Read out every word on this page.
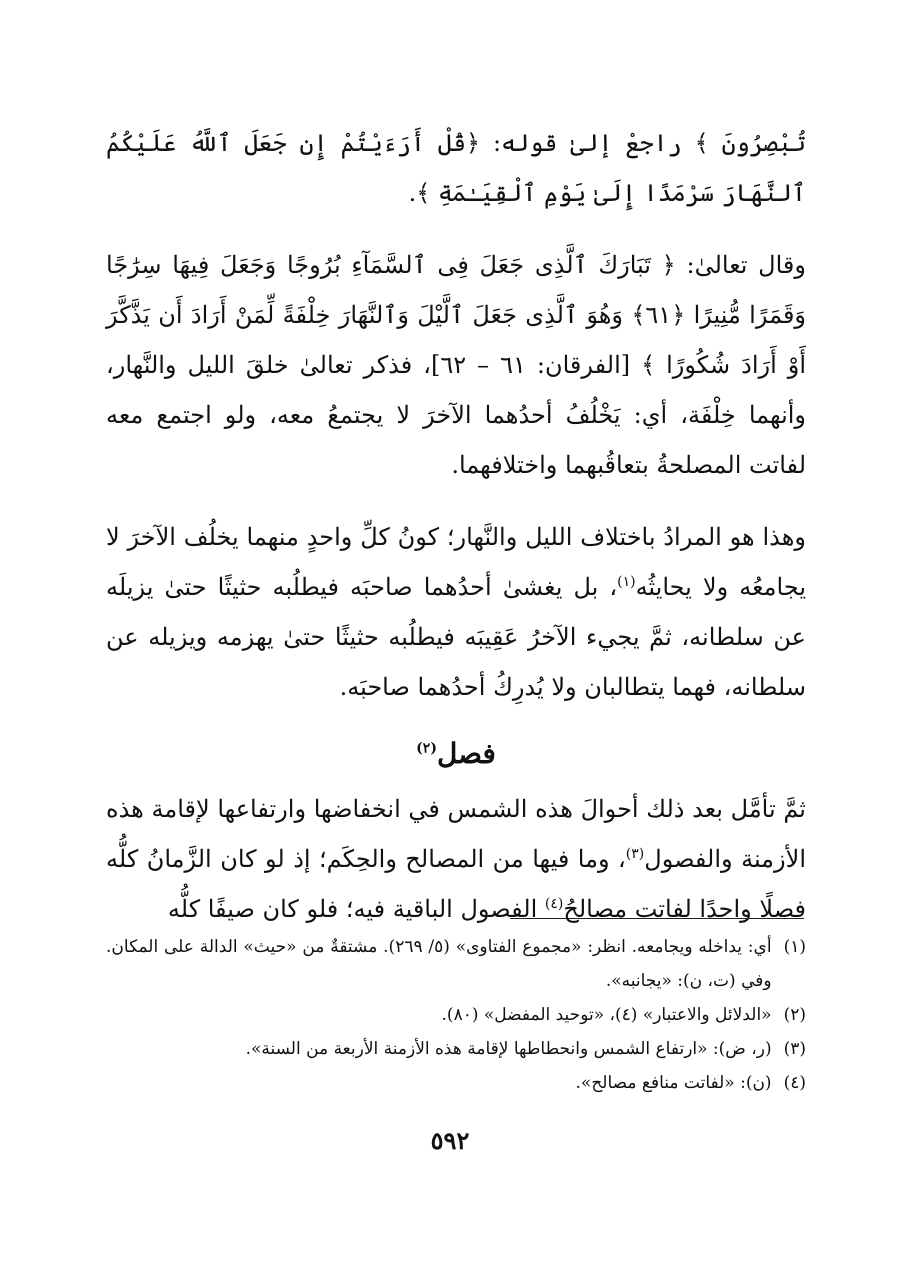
تُبْصِرُونَ ﴾ راجعْ إلىٰ قوله: ﴿قُلْ أَرَءَيْتُمْ إِن جَعَلَ ٱللَّهُ عَلَيْكُمُ ٱلنَّهَارَ سَرْمَدًا إِلَىٰ يَوْمِ ٱلْقِيَـٰمَةِ ﴾.

وقال تعالىٰ: ﴿ تَبَارَكَ ٱلَّذِى جَعَلَ فِى ٱلسَّمَآءِ بُرُوجًا وَجَعَلَ فِيهَا سِرَٰجًا وَقَمَرًا مُّنِيرًا ﴿٦١﴾ وَهُوَ ٱلَّذِى جَعَلَ ٱلَّيْلَ وَٱلنَّهَارَ خِلْفَةً لِّمَنْ أَرَادَ أَن يَذَّكَّرَ أَوْ أَرَادَ شُكُورًا ﴾ [الفرقان: ٦١ – ٦٢]، فذكر تعالىٰ خلقَ الليل والنَّهار، وأنهما خِلْفَة، أي: يَخْلُفُ أحدُهما الآخرَ لا يجتمعُ معه، ولو اجتمع معه لفاتت المصلحةُ بتعاقُبهما واختلافهما.

وهذا هو المرادُ باختلاف الليل والنَّهار؛ كونُ كلِّ واحدٍ منهما يخلُف الآخرَ لا يجامعُه ولا يحايثُه$^{(١)}$، بل يغشىٰ أحدُهما صاحبَه فيطلُبه حثيثًا حتىٰ يزيلَه عن سلطانه، ثمَّ يجيء الآخرُ عَقِيبَه فيطلُبه حثيثًا حتىٰ يهزمه ويزيله عن سلطانه، فهما يتطالبان ولا يُدرِكُ أحدُهما صاحبَه.

فصل$^{(٢)}$

ثمَّ تأمَّل بعد ذلك أحوالَ هذه الشمس في انخفاضها وارتفاعها لإقامة هذه الأزمنة والفصول$^{(٣)}$، وما فيها من المصالح والحِكَم؛ إذ لو كان الزَّمانُ كلُّه فصلًا واحدًا لفاتت مصالحُ$^{(٤)}$ الفصول الباقية فيه؛ فلو كان صيفًا كلُّه

(١)
أي: يداخله ويجامعه. انظر: «مجموع الفتاوى» (٥/ ٢٦٩). مشتقةٌ من «حيث» الدالة على المكان. وفي (ت، ن): «يجانبه».
(٢)
«الدلائل والاعتبار» (٤)، «توحيد المفضل» (٨٠).
(٣)
(ر، ض): «ارتفاع الشمس وانحطاطها لإقامة هذه الأزمنة الأربعة من السنة».
(٤)
(ن): «لفاتت منافع مصالح».
٥٩٢
